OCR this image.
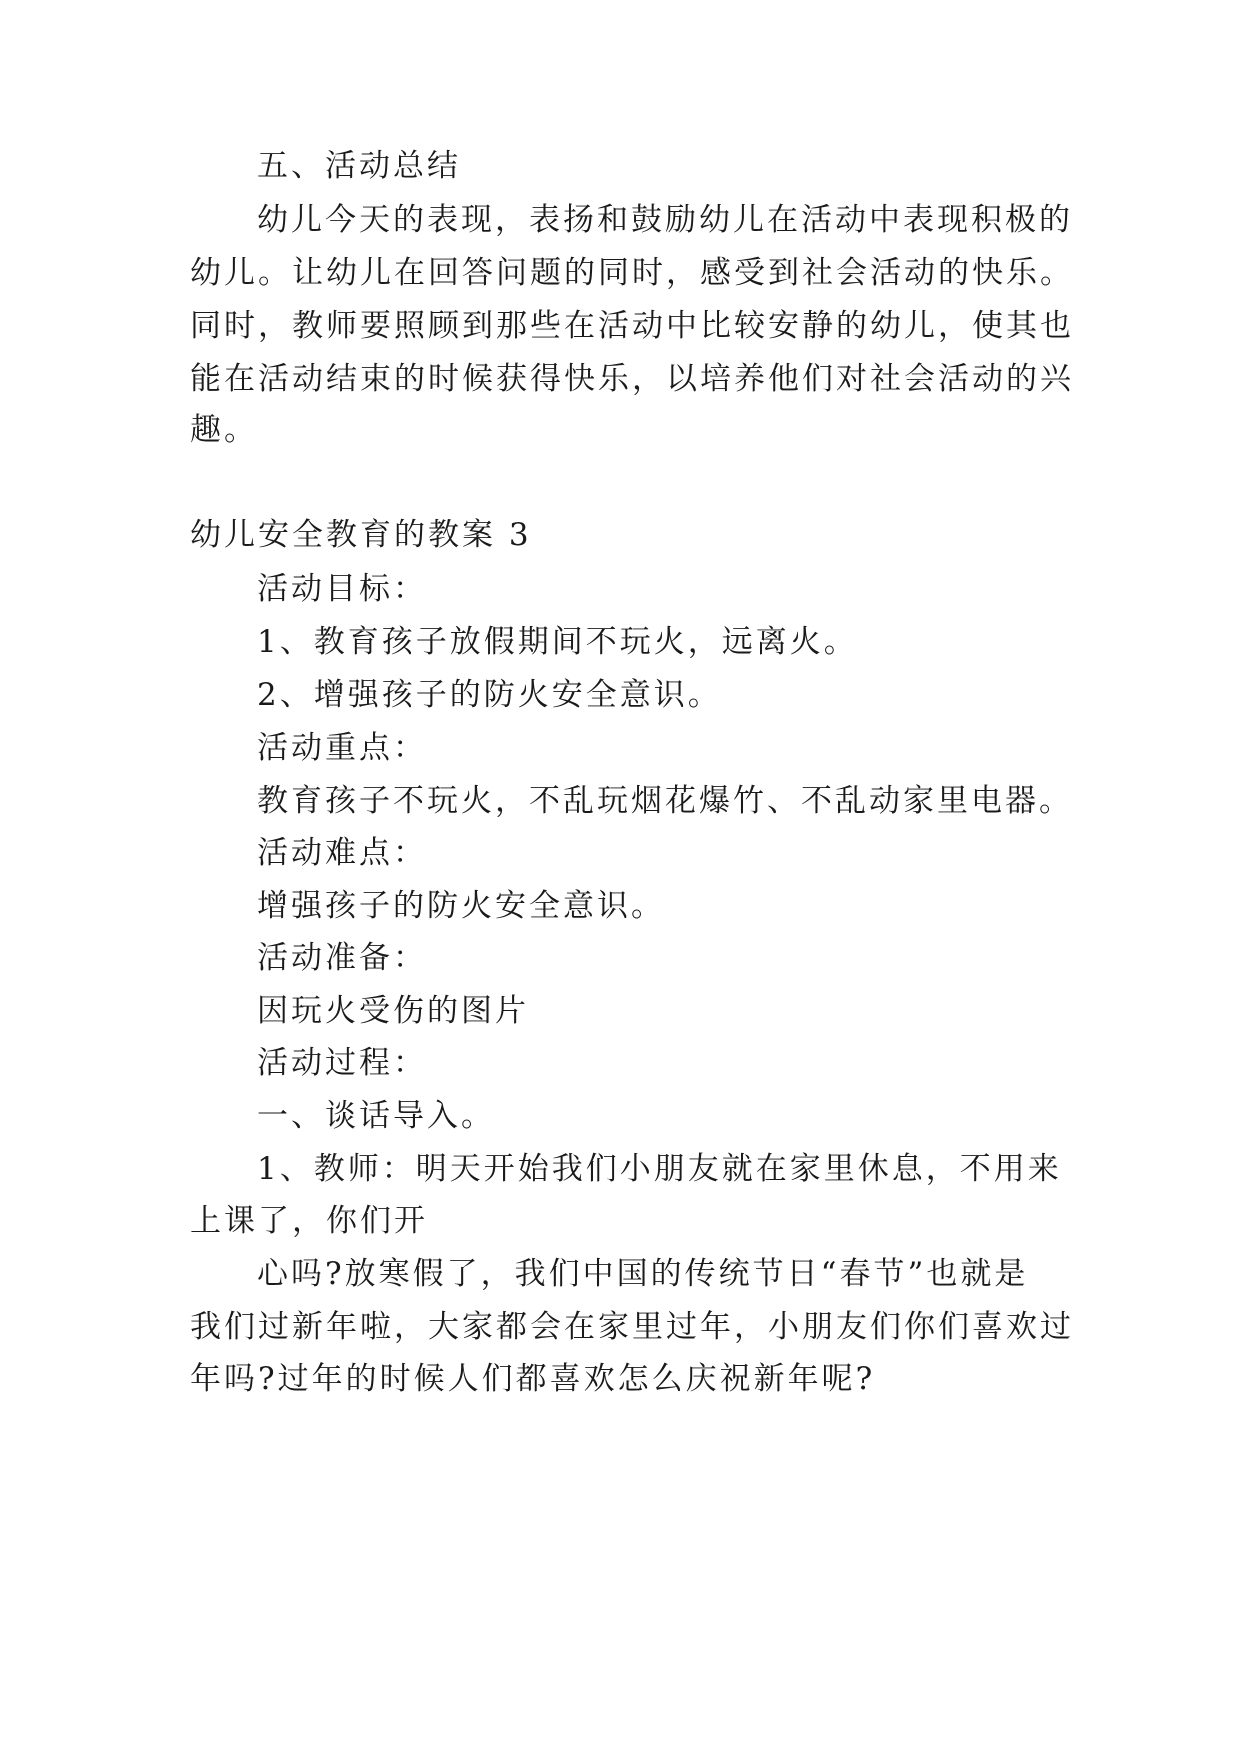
五、活动总结
幼儿今天的表现，表扬和鼓励幼儿在活动中表现积极的
幼儿。让幼儿在回答问题的同时，感受到社会活动的快乐。
同时，教师要照顾到那些在活动中比较安静的幼儿，使其也
能在活动结束的时候获得快乐，以培养他们对社会活动的兴
趣。
幼儿安全教育的教案 3
活动目标：
1、教育孩子放假期间不玩火，远离火。
2、增强孩子的防火安全意识。
活动重点：
教育孩子不玩火，不乱玩烟花爆竹、不乱动家里电器。
活动难点：
增强孩子的防火安全意识。
活动准备：
因玩火受伤的图片
活动过程：
一、谈话导入。
1、教师：明天开始我们小朋友就在家里休息，不用来
上课了，你们开
心吗?放寒假了，我们中国的传统节日“春节”也就是
我们过新年啦，大家都会在家里过年，小朋友们你们喜欢过
年吗?过年的时候人们都喜欢怎么庆祝新年呢?
